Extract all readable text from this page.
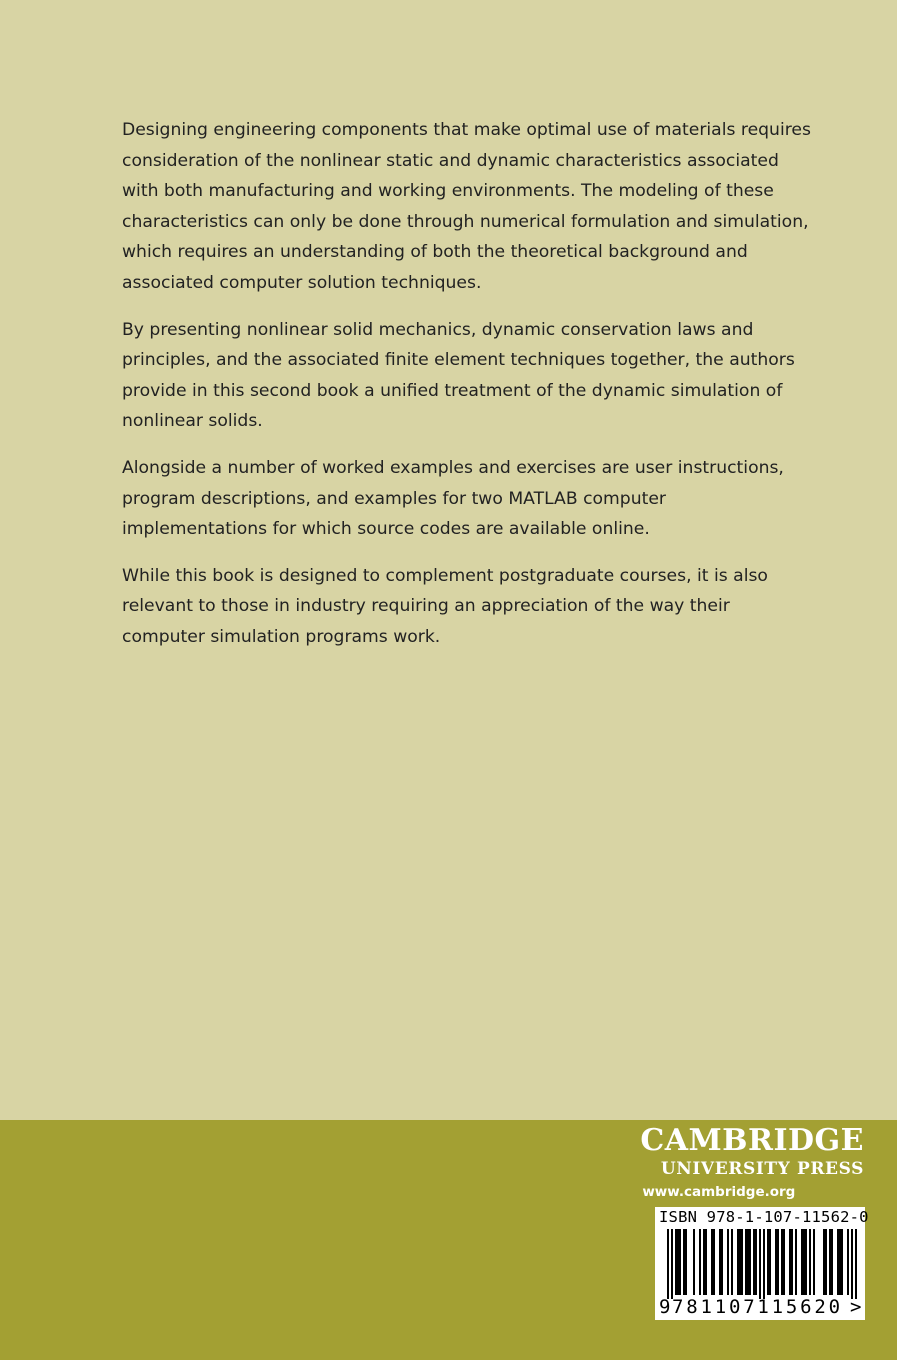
Designing engineering components that make optimal use of materials requires consideration of the nonlinear static and dynamic characteristics associated with both manufacturing and working environments. The modeling of these characteristics can only be done through numerical formulation and simulation, which requires an understanding of both the theoretical background and associated computer solution techniques.

By presenting nonlinear solid mechanics, dynamic conservation laws and principles, and the associated finite element techniques together, the authors provide in this second book a unified treatment of the dynamic simulation of nonlinear solids.

Alongside a number of worked examples and exercises are user instructions, program descriptions, and examples for two MATLAB computer implementations for which source codes are available online.

While this book is designed to complement postgraduate courses, it is also relevant to those in industry requiring an appreciation of the way their computer simulation programs work.

CAMBRIDGE
UNIVERSITY PRESS
www.cambridge.org
ISBN 978-1-107-11562-0
9 781107115620 >
